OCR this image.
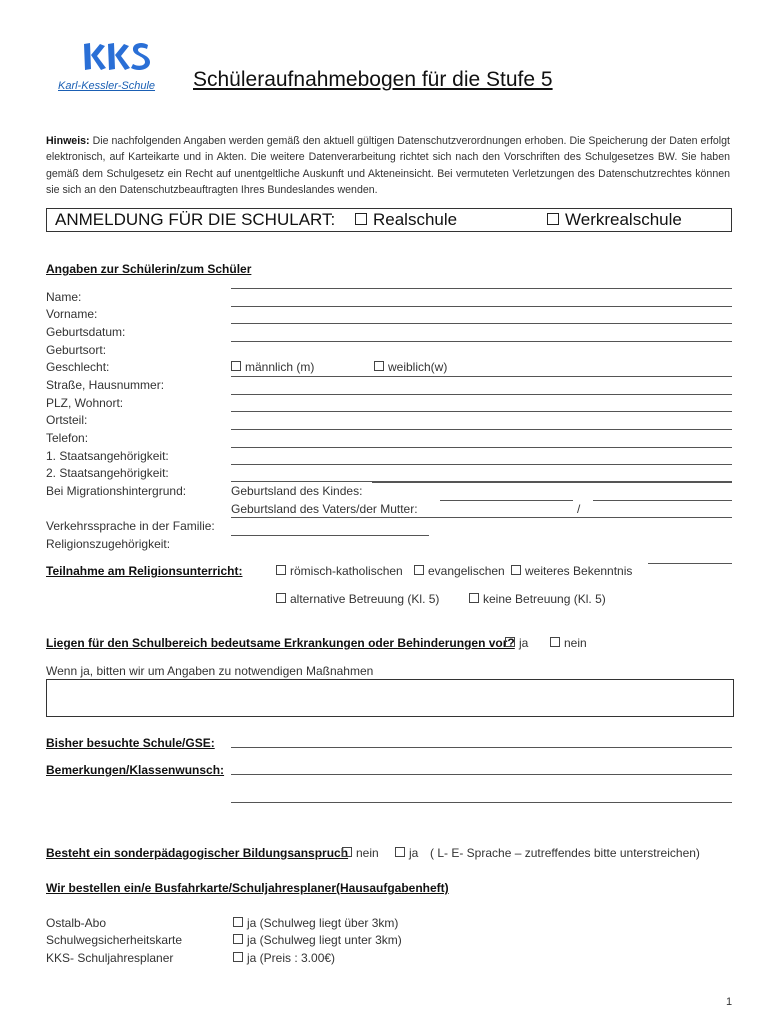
Karl-Kessler-Schule Schüleraufnahmebogen für die Stufe 5
Hinweis: Die nachfolgenden Angaben werden gemäß den aktuell gültigen Datenschutzverordnungen erhoben. Die Speicherung der Daten erfolgt elektronisch, auf Karteikarte und in Akten. Die weitere Datenverarbeitung richtet sich nach den Vorschriften des Schulgesetzes BW. Sie haben gemäß dem Schulgesetz ein Recht auf unentgeltliche Auskunft und Akteneinsicht. Bei vermuteten Verletzungen des Datenschutzrechtes können sie sich an den Datenschutzbeauftragten Ihres Bundeslandes wenden.
ANMELDUNG FÜR DIE SCHULART:	Realschule	Werkrealschule
Angaben zur Schülerin/zum Schüler
Name:
Vorname:
Geburtsdatum:
Geburtsort:
Geschlecht:	männlich (m)	weiblich(w)
Straße, Hausnummer:
PLZ, Wohnort:
Ortsteil:
Telefon:
1. Staatsangehörigkeit:
2. Staatsangehörigkeit:
Bei Migrationshintergrund:	Geburtsland des Kindes:
Geburtsland des Vaters/der Mutter:	/
Verkehrssprache in der Familie:
Religionszugehörigkeit:
Teilnahme am Religionsunterricht:	römisch-katholischen	evangelischen	weiteres Bekenntnis
alternative Betreuung (Kl. 5)	keine Betreuung (Kl. 5)
Liegen für den Schulbereich bedeutsame Erkrankungen oder Behinderungen vor? ja	nein
Wenn ja, bitten wir um Angaben zu notwendigen Maßnahmen
Bisher besuchte Schule/GSE:
Bemerkungen/Klassenwunsch:
Besteht ein sonderpädagogischer Bildungsanspruch nein	ja ( L- E- Sprache – zutreffendes bitte unterstreichen)
Wir bestellen ein/e Busfahrkarte/Schuljahresplaner(Hausaufgabenheft)
Ostalb-Abo	ja (Schulweg liegt über 3km)
Schulwegsicherheitskarte	ja (Schulweg liegt unter 3km)
KKS- Schuljahresplaner	ja (Preis : 3.00€)
1
